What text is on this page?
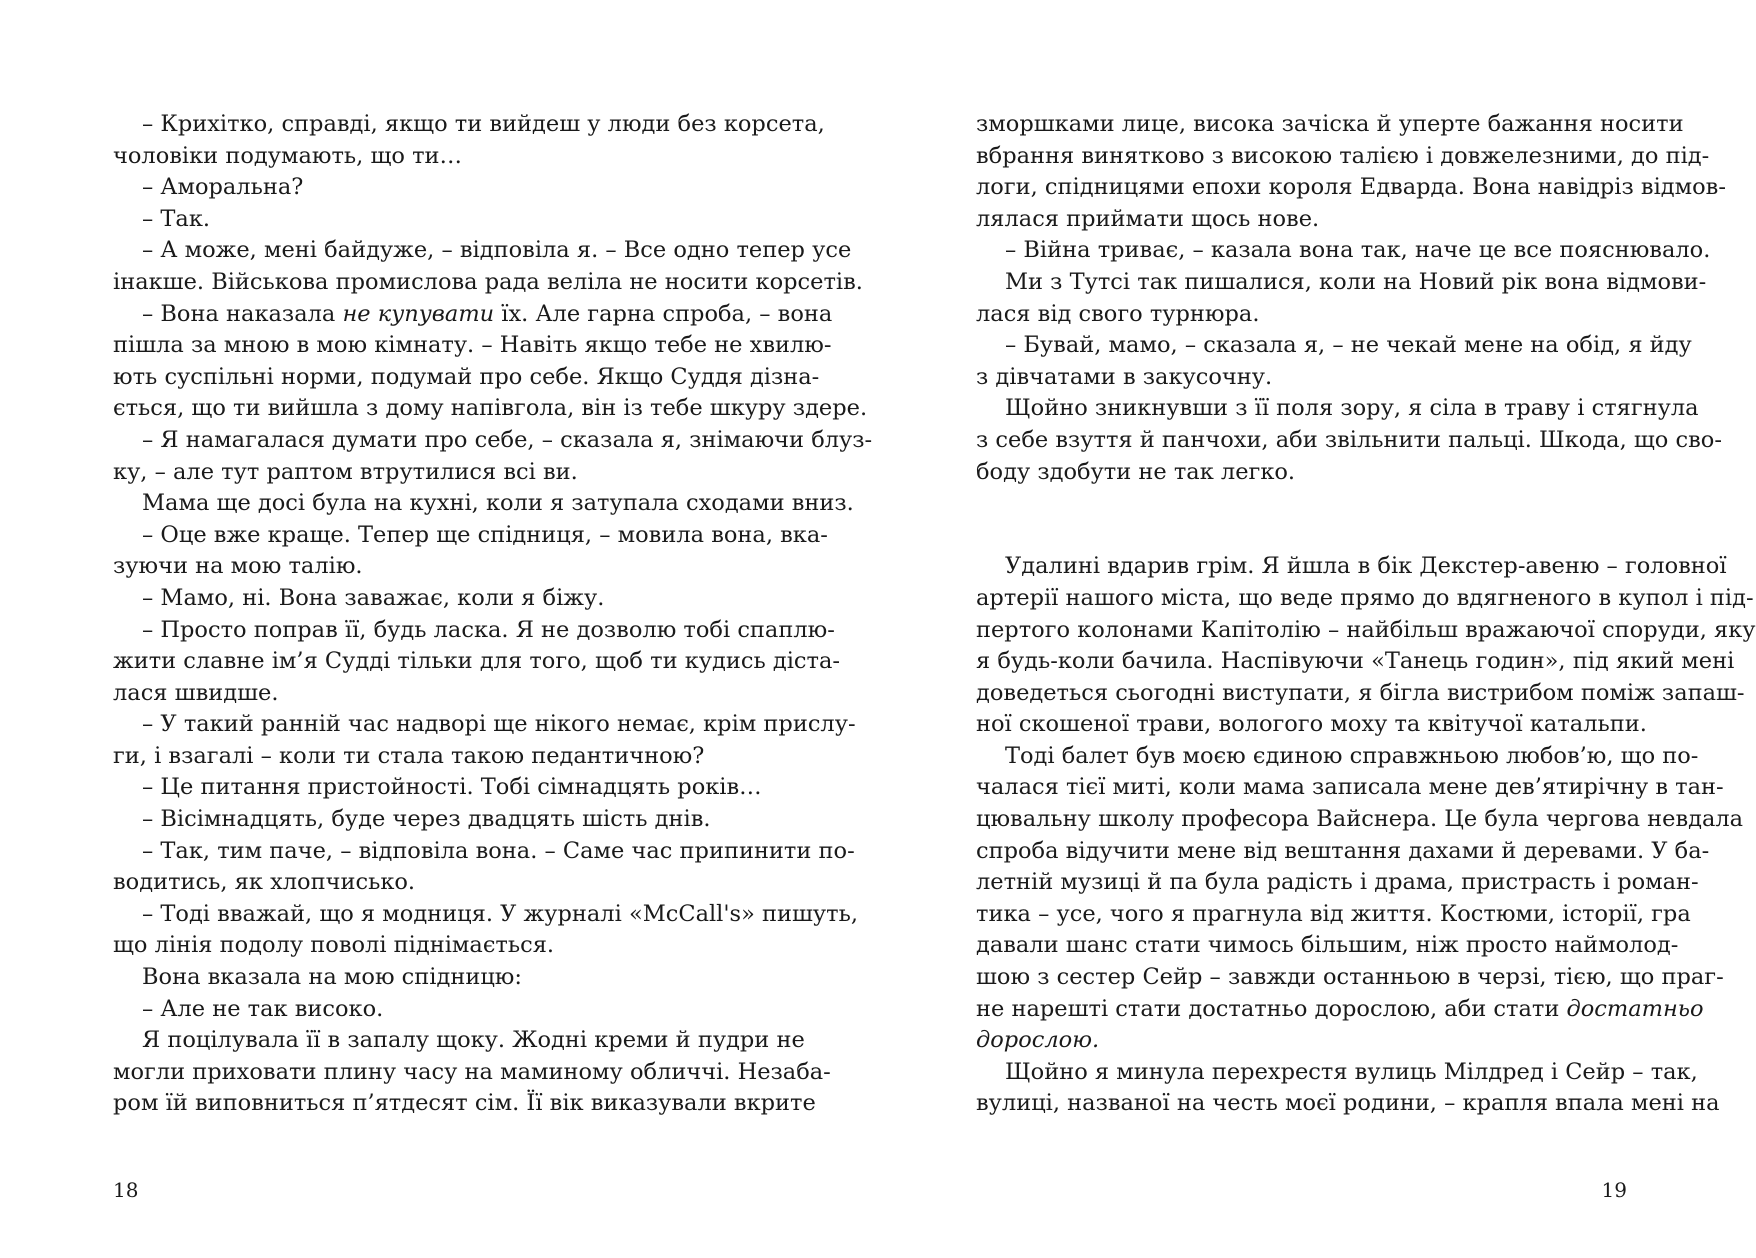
– Крихітко, справді, якщо ти вийдеш у люди без корсета,
чоловіки подумають, що ти…
– Аморальна?
– Так.
– А може, мені байдуже, – відповіла я. – Все одно тепер усе
інакше. Військова промислова рада веліла не носити корсетів.
– Вона наказала не купувати їх. Але гарна спроба, – вона
пішла за мною в мою кімнату. – Навіть якщо тебе не хвилю-
ють суспільні норми, подумай про себе. Якщо Суддя дізна-
ється, що ти вийшла з дому напівгола, він із тебе шкуру здере.
– Я намагалася думати про себе, – сказала я, знімаючи блуз-
ку, – але тут раптом втрутилися всі ви.
Мама ще досі була на кухні, коли я затупала сходами вниз.
– Оце вже краще. Тепер ще спідниця, – мовила вона, вка-
зуючи на мою талію.
– Мамо, ні. Вона заважає, коли я біжу.
– Просто поправ її, будь ласка. Я не дозволю тобі спаплю-
жити славне ім’я Судді тільки для того, щоб ти кудись діста-
лася швидше.
– У такий ранній час надворі ще нікого немає, крім прислу-
ги, і взагалі – коли ти стала такою педантичною?
– Це питання пристойності. Тобі сімнадцять років…
– Вісімнадцять, буде через двадцять шість днів.
– Так, тим паче, – відповіла вона. – Саме час припинити по-
водитись, як хлопчисько.
– Тоді вважай, що я модниця. У журналі «McCall's» пишуть,
що лінія подолу поволі піднімається.
Вона вказала на мою спідницю:
– Але не так високо.
Я поцілувала її в запалу щоку. Жодні креми й пудри не
могли приховати плину часу на маминому обличчі. Незаба-
ром їй виповниться п’ятдесят сім. Її вік виказували вкрите
зморшками лице, висока зачіска й уперте бажання носити
вбрання винятково з високою талією і довжелезними, до під-
логи, спідницями епохи короля Едварда. Вона навідріз відмов-
лялася приймати щось нове.
– Війна триває, – казала вона так, наче це все пояснювало.
Ми з Тутсі так пишалися, коли на Новий рік вона відмови-
лася від свого турнюра.
– Бувай, мамо, – сказала я, – не чекай мене на обід, я йду
з дівчатами в закусочну.
Щойно зникнувши з її поля зору, я сіла в траву і стягнула
з себе взуття й панчохи, аби звільнити пальці. Шкода, що сво-
боду здобути не так легко.

Удалині вдарив грім. Я йшла в бік Декстер-авеню – головної
артерії нашого міста, що веде прямо до вдягненого в купол і під-
пертого колонами Капітолію – найбільш вражаючої споруди, яку
я будь-коли бачила. Наспівуючи «Танець годин», під який мені
доведеться сьогодні виступати, я бігла вистрибом поміж запаш-
ної скошеної трави, вологого моху та квітучої катальпи.
Тоді балет був моєю єдиною справжньою любов’ю, що по-
чалася тієї миті, коли мама записала мене дев’ятирічну в тан-
цювальну школу професора Вайснера. Це була чергова невдала
спроба відучити мене від вештання дахами й деревами. У ба-
летній музиці й па була радість і драма, пристрасть і роман-
тика – усе, чого я прагнула від життя. Костюми, історії, гра
давали шанс стати чимось більшим, ніж просто наймолод-
шою з сестер Сейр – завжди останньою в черзі, тією, що праг-
не нарешті стати достатньо дорослою, аби стати достатньо
дорослою.
Щойно я минула перехрестя вулиць Мілдред і Сейр – так,
вулиці, названої на честь моєї родини, – крапля впала мені на
18	19
